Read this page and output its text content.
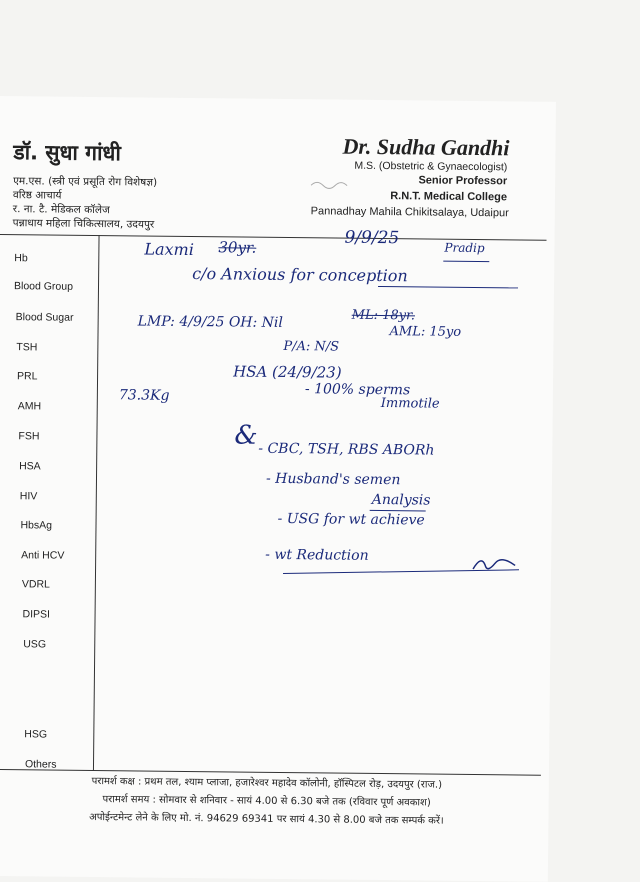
डॉ. सुधा गांधी
एम.एस. (स्त्री एवं प्रसूति रोग विशेषज्ञ)
वरिष्ठ आचार्य
र. ना. टै. मेडिकल कॉलेज
पन्नाधाय महिला चिकित्सालय, उदयपुर
Dr. Sudha Gandhi
M.S. (Obstetric & Gynaecologist)
Senior Professor
R.N.T. Medical College
Pannadhay Mahila Chikitsalaya, Udaipur
Hb
Blood Group
Blood Sugar
TSH
PRL
AMH
FSH
HSA
HIV
HbsAg
Anti HCV
VDRL
DIPSI
USG
HSG
Others
Laxmi 30yr.	9/9/25	Pradip
c/o Anxious for conception
LMP: 4/9/25 OH: Nil	ML: 18yr.
AML: 15yo
P/A: N/S
73.3Kg
HSA (24/9/23)
- 100% sperms
Immotile
& - CBC, TSH, RBS ABORh
- Husband's semen
Analysis
- USG for wt achieve
- wt Reduction
परामर्श कक्ष : प्रथम तल, श्याम प्लाजा, हजारेश्वर महादेव कॉलोनी, हॉस्पिटल रोड़, उदयपुर (राज.)
परामर्श समय : सोमवार से शनिवार - सायं 4.00 से 6.30 बजे तक (रविवार पूर्ण अवकाश)
अपोईन्टमेन्ट लेने के लिए मो. नं. 94629 69341 पर सायं 4.30 से 8.00 बजे तक सम्पर्क करें।
